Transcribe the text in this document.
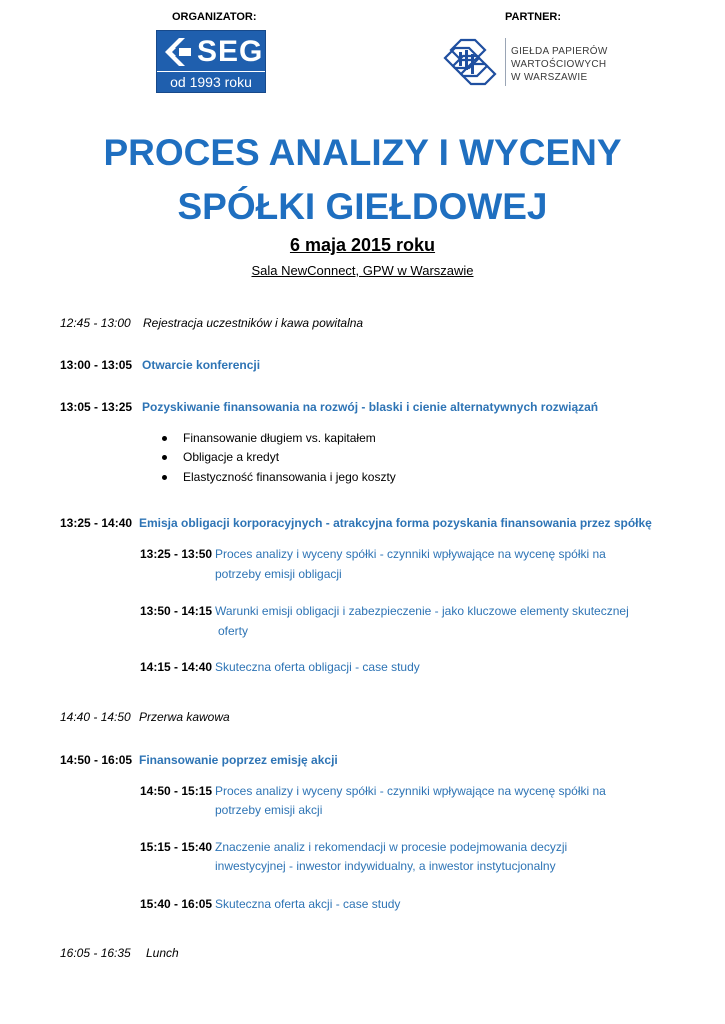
ORGANIZATOR:	PARTNER:
SEG
od 1993 roku
GIEŁDA PAPIERÓW
WARTOŚCIOWYCH
W WARSZAWIE
PROCES ANALIZY I WYCENY
SPÓŁKI GIEŁDOWEJ
6 maja 2015 roku
Sala NewConnect, GPW w Warszawie
12:45 - 13:00 Rejestracja uczestników i kawa powitalna
13:00 - 13:05 Otwarcie konferencji
13:05 - 13:25 Pozyskiwanie finansowania na rozwój - blaski i cienie alternatywnych rozwiązań
Finansowanie długiem vs. kapitałem
Obligacje a kredyt
Elastyczność finansowania i jego koszty
13:25 - 14:40 Emisja obligacji korporacyjnych - atrakcyjna forma pozyskania finansowania przez spółkę
13:25 - 13:50 Proces analizy i wyceny spółki - czynniki wpływające na wycenę spółki na
potrzeby emisji obligacji
13:50 - 14:15 Warunki emisji obligacji i zabezpieczenie - jako kluczowe elementy skutecznej
oferty
14:15 - 14:40 Skuteczna oferta obligacji - case study
14:40 - 14:50 Przerwa kawowa
14:50 - 16:05 Finansowanie poprzez emisję akcji
14:50 - 15:15 Proces analizy i wyceny spółki - czynniki wpływające na wycenę spółki na
potrzeby emisji akcji
15:15 - 15:40 Znaczenie analiz i rekomendacji w procesie podejmowania decyzji
inwestycyjnej - inwestor indywidualny, a inwestor instytucjonalny
15:40 - 16:05 Skuteczna oferta akcji - case study
16:05 - 16:35 Lunch
